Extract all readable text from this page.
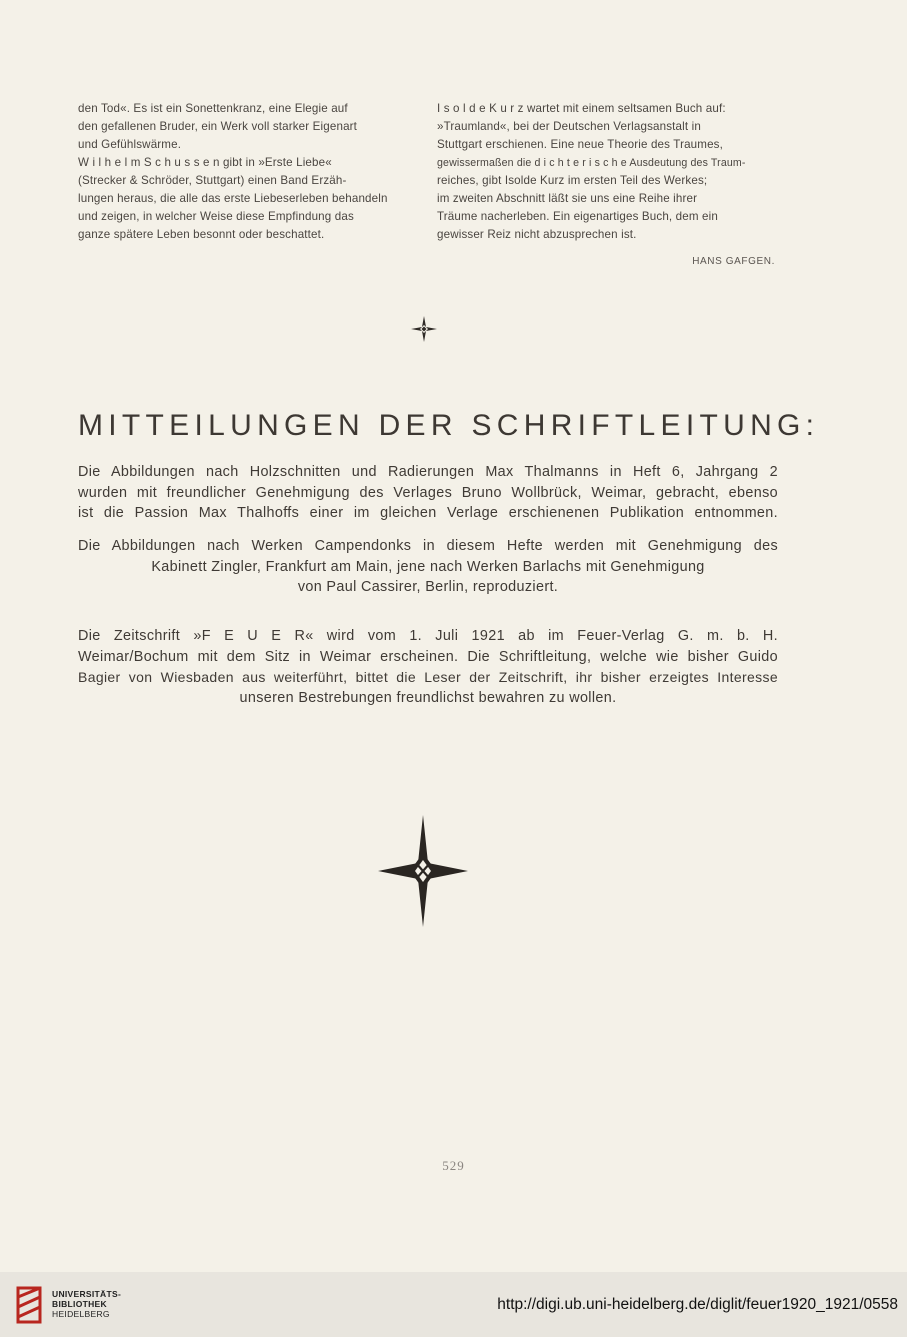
den Tod«. Es ist ein Sonettenkranz, eine Elegie auf
den gefallenen Bruder, ein Werk voll starker Eigenart
und Gefühlswärme.
W i l h e l m S c h u s s e n gibt in »Erste Liebe«
(Strecker & Schröder, Stuttgart) einen Band Erzäh-
lungen heraus, die alle das erste Liebeserleben behandeln
und zeigen, in welcher Weise diese Empfindung das
ganze spätere Leben besonnt oder beschattet.
I s o l d e K u r z wartet mit einem seltsamen Buch auf:
»Traumland«, bei der Deutschen Verlagsanstalt in
Stuttgart erschienen. Eine neue Theorie des Traumes,
gewissermaßen die d i c h t e r i s c h e Ausdeutung des Traum-
reiches, gibt Isolde Kurz im ersten Teil des Werkes;
im zweiten Abschnitt läßt sie uns eine Reihe ihrer
Träume nacherleben. Ein eigenartiges Buch, dem ein
gewisser Reiz nicht abzusprechen ist.
HANS GAFGEN.
MITTEILUNGEN DER SCHRIFTLEITUNG:
Die Abbildungen nach Holzschnitten und Radierungen Max Thalmanns in Heft 6, Jahrgang 2
wurden mit freundlicher Genehmigung des Verlages Bruno Wollbrück, Weimar, gebracht, ebenso
ist die Passion Max Thalhoffs einer im gleichen Verlage erschienenen Publikation entnommen.
Die Abbildungen nach Werken Campendonks in diesem Hefte werden mit Genehmigung des
Kabinett Zingler, Frankfurt am Main, jene nach Werken Barlachs mit Genehmigung
von Paul Cassirer, Berlin, reproduziert.
Die Zeitschrift »F E U E R« wird vom 1. Juli 1921 ab im Feuer-Verlag G. m. b. H.
Weimar/Bochum mit dem Sitz in Weimar erscheinen. Die Schriftleitung, welche wie bisher Guido
Bagier von Wiesbaden aus weiterführt, bittet die Leser der Zeitschrift, ihr bisher erzeigtes Interesse
unseren Bestrebungen freundlichst bewahren zu wollen.
529
UNIVERSITÄTS-
BIBLIOTHEK
HEIDELBERG
http://digi.ub.uni-heidelberg.de/diglit/feuer1920_1921/0558
